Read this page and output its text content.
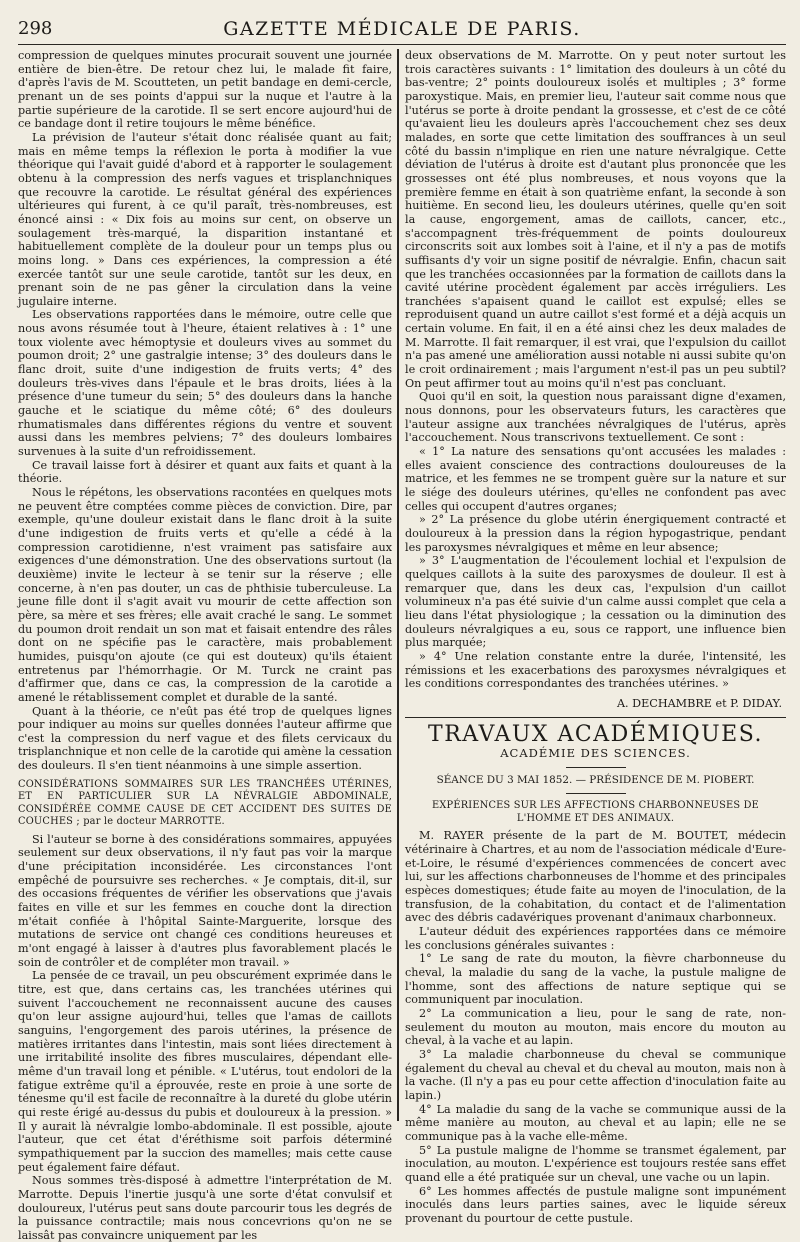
298	GAZETTE MÉDICALE DE PARIS.

compression de quelques minutes procurait souvent une journée entière de bien-être. De retour chez lui, le malade fit faire, d'après l'avis de M. Scoutteten, un petit bandage en demi-cercle, prenant un de ses points d'appui sur la nuque et l'autre à la partie supérieure de la carotide. Il se sert encore aujourd'hui de ce bandage dont il retire toujours le même bénéfice.

La prévision de l'auteur s'était donc réalisée quant au fait; mais en même temps la réflexion le porta à modifier la vue théorique qui l'avait guidé d'abord et à rapporter le soulagement obtenu à la compression des nerfs vagues et trisplanchniques que recouvre la carotide. Le résultat général des expériences ultérieures qui furent, à ce qu'il paraît, très-nombreuses, est énoncé ainsi : « Dix fois au moins sur cent, on observe un soulagement très-marqué, la disparition instantané et habituellement complète de la douleur pour un temps plus ou moins long. » Dans ces expériences, la compression a été exercée tantôt sur une seule carotide, tantôt sur les deux, en prenant soin de ne pas gêner la circulation dans la veine jugulaire interne.

Les observations rapportées dans le mémoire, outre celle que nous avons résumée tout à l'heure, étaient relatives à : 1° une toux violente avec hémoptysie et douleurs vives au sommet du poumon droit; 2° une gastralgie intense; 3° des douleurs dans le flanc droit, suite d'une indigestion de fruits verts; 4° des douleurs très-vives dans l'épaule et le bras droits, liées à la présence d'une tumeur du sein; 5° des douleurs dans la hanche gauche et le sciatique du même côté; 6° des douleurs rhumatismales dans différentes régions du ventre et souvent aussi dans les membres pelviens; 7° des douleurs lombaires survenues à la suite d'un refroidissement.

Ce travail laisse fort à désirer et quant aux faits et quant à la théorie.

Nous le répétons, les observations racontées en quelques mots ne peuvent être comptées comme pièces de conviction. Dire, par exemple, qu'une douleur existait dans le flanc droit à la suite d'une indigestion de fruits verts et qu'elle a cédé à la compression carotidienne, n'est vraiment pas satisfaire aux exigences d'une démonstration. Une des observations surtout (la deuxième) invite le lecteur à se tenir sur la réserve ; elle concerne, à n'en pas douter, un cas de phthisie tuberculeuse. La jeune fille dont il s'agit avait vu mourir de cette affection son père, sa mère et ses frères; elle avait craché le sang. Le sommet du poumon droit rendait un son mat et faisait entendre des râles dont on ne spécifie pas le caractère, mais probablement humides, puisqu'on ajoute (ce qui est douteux) qu'ils étaient entretenus par l'hémorrhagie. Or M. Turck ne craint pas d'affirmer que, dans ce cas, la compression de la carotide a amené le rétablissement complet et durable de la santé.

Quant à la théorie, ce n'eût pas été trop de quelques lignes pour indiquer au moins sur quelles données l'auteur affirme que c'est la compression du nerf vague et des filets cervicaux du trisplanchnique et non celle de la carotide qui amène la cessation des douleurs. Il s'en tient néanmoins à une simple assertion.

CONSIDÉRATIONS SOMMAIRES SUR LES TRANCHÉES UTÉRINES, ET EN PARTICULIER SUR LA NÉVRALGIE ABDOMINALE, CONSIDÉRÉE COMME CAUSE DE CET ACCIDENT DES SUITES DE COUCHES ; par le docteur MARROTTE.

Si l'auteur se borne à des considérations sommaires, appuyées seulement sur deux observations, il n'y faut pas voir la marque d'une précipitation inconsidérée. Les circonstances l'ont empêché de poursuivre ses recherches. « Je comptais, dit-il, sur des occasions fréquentes de vérifier les observations que j'avais faites en ville et sur les femmes en couche dont la direction m'était confiée à l'hôpital Sainte-Marguerite, lorsque des mutations de service ont changé ces conditions heureuses et m'ont engagé à laisser à d'autres plus favorablement placés le soin de contrôler et de compléter mon travail. »

La pensée de ce travail, un peu obscurément exprimée dans le titre, est que, dans certains cas, les tranchées utérines qui suivent l'accouchement ne reconnaissent aucune des causes qu'on leur assigne aujourd'hui, telles que l'amas de caillots sanguins, l'engorgement des parois utérines, la présence de matières irritantes dans l'intestin, mais sont liées directement à une irritabilité insolite des fibres musculaires, dépendant elle-même d'un travail long et pénible. « L'utérus, tout endolori de la fatigue extrême qu'il a éprouvée, reste en proie à une sorte de ténesme qu'il est facile de reconnaître à la dureté du globe utérin qui reste érigé au-dessus du pubis et douloureux à la pression. » Il y aurait là névralgie lombo-abdominale. Il est possible, ajoute l'auteur, que cet état d'éréthisme soit parfois déterminé sympathiquement par la succion des mamelles; mais cette cause peut également faire défaut.

Nous sommes très-disposé à admettre l'interprétation de M. Marrotte. Depuis l'inertie jusqu'à une sorte d'état convulsif et douloureux, l'utérus peut sans doute parcourir tous les degrés de la puissance contractile; mais nous concevrions qu'on ne se laissât pas convaincre uniquement par les

deux observations de M. Marrotte. On y peut noter surtout les trois caractères suivants : 1° limitation des douleurs à un côté du bas-ventre; 2° points douloureux isolés et multiples ; 3° forme paroxystique. Mais, en premier lieu, l'auteur sait comme nous que l'utérus se porte à droite pendant la grossesse, et c'est de ce côté qu'avaient lieu les douleurs après l'accouchement chez ses deux malades, en sorte que cette limitation des souffrances à un seul côté du bassin n'implique en rien une nature névralgique. Cette déviation de l'utérus à droite est d'autant plus prononcée que les grossesses ont été plus nombreuses, et nous voyons que la première femme en était à son quatrième enfant, la seconde à son huitième. En second lieu, les douleurs utérines, quelle qu'en soit la cause, engorgement, amas de caillots, cancer, etc., s'accompagnent très-fréquemment de points douloureux circonscrits soit aux lombes soit à l'aine, et il n'y a pas de motifs suffisants d'y voir un signe positif de névralgie. Enfin, chacun sait que les tranchées occasionnées par la formation de caillots dans la cavité utérine procèdent également par accès irréguliers. Les tranchées s'apaisent quand le caillot est expulsé; elles se reproduisent quand un autre caillot s'est formé et a déjà acquis un certain volume. En fait, il en a été ainsi chez les deux malades de M. Marrotte. Il fait remarquer, il est vrai, que l'expulsion du caillot n'a pas amené une amélioration aussi notable ni aussi subite qu'on le croit ordinairement ; mais l'argument n'est-il pas un peu subtil? On peut affirmer tout au moins qu'il n'est pas concluant.

Quoi qu'il en soit, la question nous paraissant digne d'examen, nous donnons, pour les observateurs futurs, les caractères que l'auteur assigne aux tranchées névralgiques de l'utérus, après l'accouchement. Nous transcrivons textuellement. Ce sont :

« 1° La nature des sensations qu'ont accusées les malades : elles avaient conscience des contractions douloureuses de la matrice, et les femmes ne se trompent guère sur la nature et sur le siége des douleurs utérines, qu'elles ne confondent pas avec celles qui occupent d'autres organes;

» 2° La présence du globe utérin énergiquement contracté et douloureux à la pression dans la région hypogastrique, pendant les paroxysmes névralgiques et même en leur absence;

» 3° L'augmentation de l'écoulement lochial et l'expulsion de quelques caillots à la suite des paroxysmes de douleur. Il est à remarquer que, dans les deux cas, l'expulsion d'un caillot volumineux n'a pas été suivie d'un calme aussi complet que cela a lieu dans l'état physiologique ; la cessation ou la diminution des douleurs névralgiques a eu, sous ce rapport, une influence bien plus marquée;

» 4° Une relation constante entre la durée, l'intensité, les rémissions et les exacerbations des paroxysmes névralgiques et les conditions correspondantes des tranchées utérines. »

A. DECHAMBRE et P. DIDAY.

TRAVAUX ACADÉMIQUES.

ACADÉMIE DES SCIENCES.

SÉANCE DU 3 MAI 1852. — PRÉSIDENCE DE M. PIOBERT.

EXPÉRIENCES SUR LES AFFECTIONS CHARBONNEUSES DE L'HOMME ET DES ANIMAUX.

M. RAYER présente de la part de M. BOUTET, médecin vétérinaire à Chartres, et au nom de l'association médicale d'Eure-et-Loire, le résumé d'expériences commencées de concert avec lui, sur les affections charbonneuses de l'homme et des principales espèces domestiques; étude faite au moyen de l'inoculation, de la transfusion, de la cohabitation, du contact et de l'alimentation avec des débris cadavériques provenant d'animaux charbonneux.

L'auteur déduit des expériences rapportées dans ce mémoire les conclusions générales suivantes :

1° Le sang de rate du mouton, la fièvre charbonneuse du cheval, la maladie du sang de la vache, la pustule maligne de l'homme, sont des affections de nature septique qui se communiquent par inoculation.

2° La communication a lieu, pour le sang de rate, non-seulement du mouton au mouton, mais encore du mouton au cheval, à la vache et au lapin.

3° La maladie charbonneuse du cheval se communique également du cheval au cheval et du cheval au mouton, mais non à la vache. (Il n'y a pas eu pour cette affection d'inoculation faite au lapin.)

4° La maladie du sang de la vache se communique aussi de la même manière au mouton, au cheval et au lapin; elle ne se communique pas à la vache elle-même.

5° La pustule maligne de l'homme se transmet également, par inoculation, au mouton. L'expérience est toujours restée sans effet quand elle a été pratiquée sur un cheval, une vache ou un lapin.

6° Les hommes affectés de pustule maligne sont impunément inoculés dans leurs parties saines, avec le liquide séreux provenant du pourtour de cette pustule.
